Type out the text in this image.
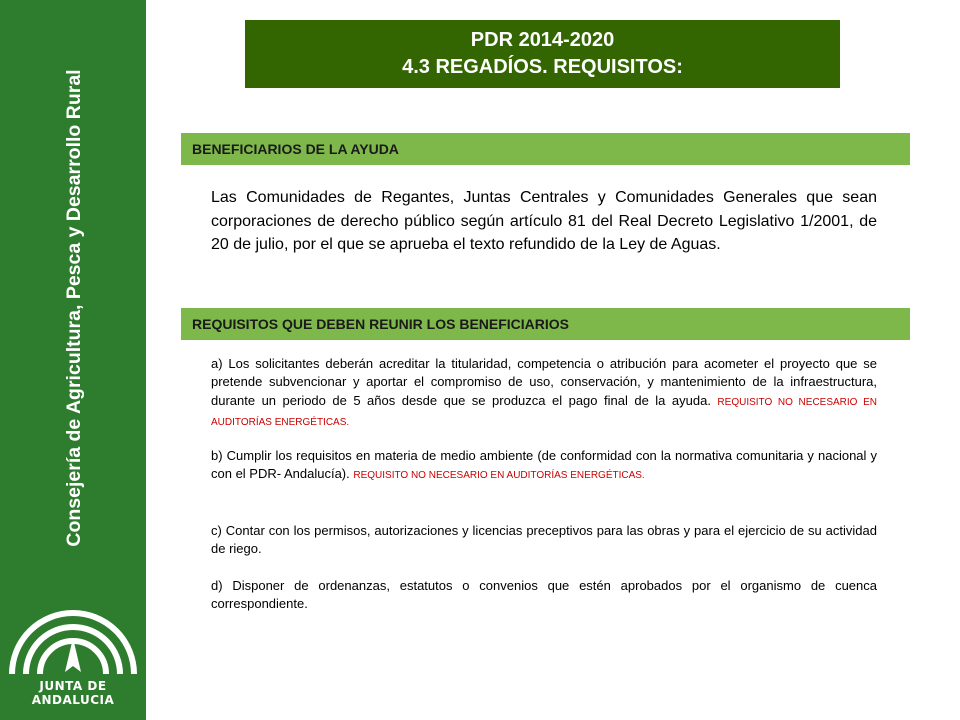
Consejería de Agricultura, Pesca y Desarrollo Rural
JUNTA DE ANDALUCIA
PDR 2014-2020
4.3 REGADÍOS. REQUISITOS:
BENEFICIARIOS DE LA AYUDA

Las Comunidades de Regantes, Juntas Centrales y Comunidades Generales que sean corporaciones de derecho público según artículo 81 del Real Decreto Legislativo 1/2001, de 20 de julio, por el que se aprueba el texto refundido de la Ley de Aguas.

REQUISITOS QUE DEBEN REUNIR LOS BENEFICIARIOS

a) Los solicitantes deberán acreditar la titularidad, competencia o atribución para acometer el proyecto que se pretende subvencionar y aportar el compromiso de uso, conservación, y mantenimiento de la infraestructura, durante un periodo de 5 años desde que se produzca el pago final de la ayuda. REQUISITO NO NECESARIO EN AUDITORÍAS ENERGÉTICAS.

b) Cumplir los requisitos en materia de medio ambiente (de conformidad con la normativa comunitaria y nacional y con el PDR- Andalucía). REQUISITO NO NECESARIO EN AUDITORÍAS ENERGÉTICAS.

c) Contar con los permisos, autorizaciones y licencias preceptivos para las obras y para el ejercicio de su actividad de riego.

d) Disponer de ordenanzas, estatutos o convenios que estén aprobados por el organismo de cuenca correspondiente.
